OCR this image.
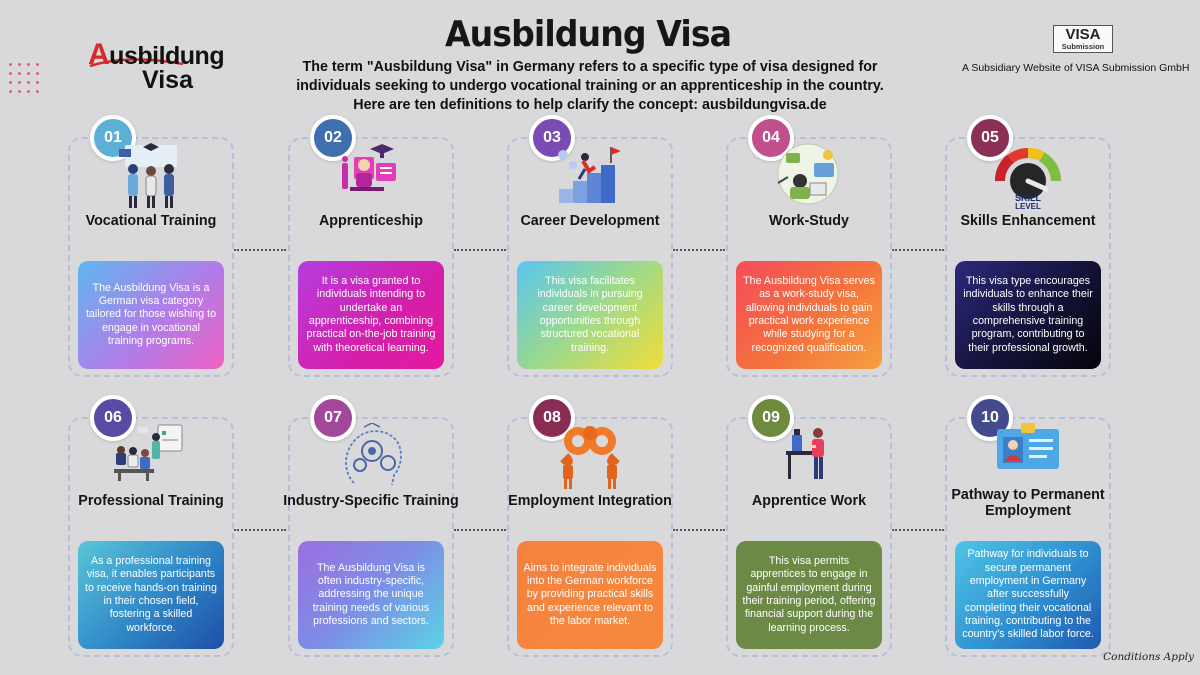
Ausbildung
Visa
Ausbildung Visa
The term "Ausbildung Visa" in Germany refers to a specific type of visa designed for individuals seeking to undergo vocational training or an apprenticeship in the country. Here are ten definitions to help clarify the concept: ausbildungvisa.de
VISA
Submission
A Subsidiary Website of VISA Submission GmbH
01
Vocational Training
The Ausbildung Visa is a German visa category tailored for those wishing to engage in vocational training programs.
02
Apprenticeship
It is a visa granted to individuals intending to undertake an apprenticeship, combining practical on-the-job training with theoretical learning.
03
Career Development
This visa facilitates individuals in pursuing career development opportunities through structured vocational training.
04
Work-Study
The Ausbildung Visa serves as a work-study visa, allowing individuals to gain practical work experience while studying for a recognized qualification.
05
SKILL
LEVEL
Skills Enhancement
This visa type encourages individuals to enhance their skills through a comprehensive training program, contributing to their professional growth.
06
Professional Training
As a professional training visa, it enables participants to receive hands-on training in their chosen field, fostering a skilled workforce.
07
Industry-Specific Training
The Ausbildung Visa is often industry-specific, addressing the unique training needs of various professions and sectors.
08
Employment Integration
Aims to integrate individuals into the German workforce by providing practical skills and experience relevant to the labor market.
09
Apprentice Work
This visa permits apprentices to engage in gainful employment during their training period, offering financial support during the learning process.
10
Pathway to Permanent Employment
Pathway for individuals to secure permanent employment in Germany after successfully completing their vocational training, contributing to the country's skilled labor force.
Conditions Apply
